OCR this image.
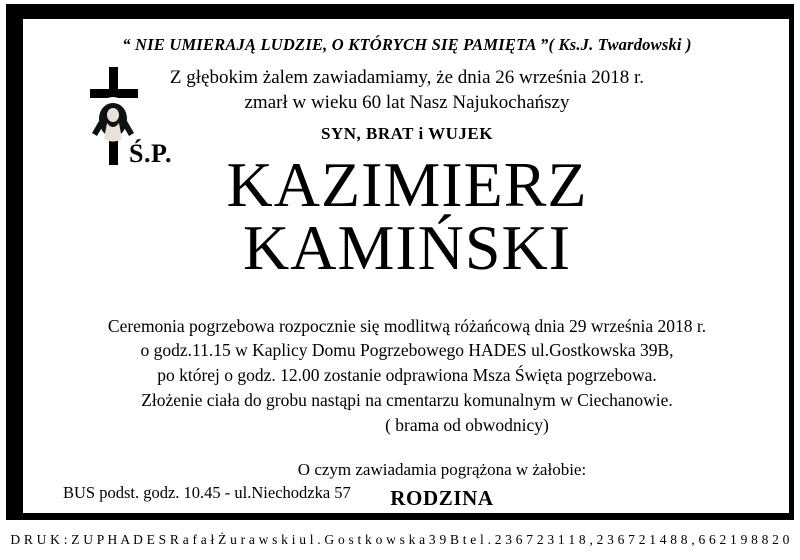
“ NIE UMIERAJĄ LUDZIE, O KTÓRYCH SIĘ PAMIĘTA ”( Ks.J. Twardowski )
Z głębokim żalem zawiadamiamy, że dnia 26 września 2018 r.
zmarł w wieku 60 lat Nasz Najukochańszy
SYN, BRAT i WUJEK
Ś.P. KAZIMIERZ
KAMIŃSKI
Ceremonia pogrzebowa rozpocznie się modlitwą różańcową dnia 29 września 2018 r.
o godz.11.15 w Kaplicy Domu Pogrzebowego HADES ul.Gostkowska 39B,
po której o godz. 12.00 zostanie odprawiona Msza Święta pogrzebowa.
Złożenie ciała do grobu nastąpi na cmentarzu komunalnym w Ciechanowie.
( brama od obwodnicy)
O czym zawiadamia pogrążona w żałobie:
RODZINA
BUS podst. godz. 10.45 - ul.Niechodzka 57
D R U K : Z U P H A D E S R a f a ł Ż u r a w s k i u l . G o s t k o w s k a 3 9 B t e l . 2 3 6 7 2 3 1 1 8 , 2 3 6 7 2 1 4 8 8 , 6 6 2 1 9 8 8 2 0
